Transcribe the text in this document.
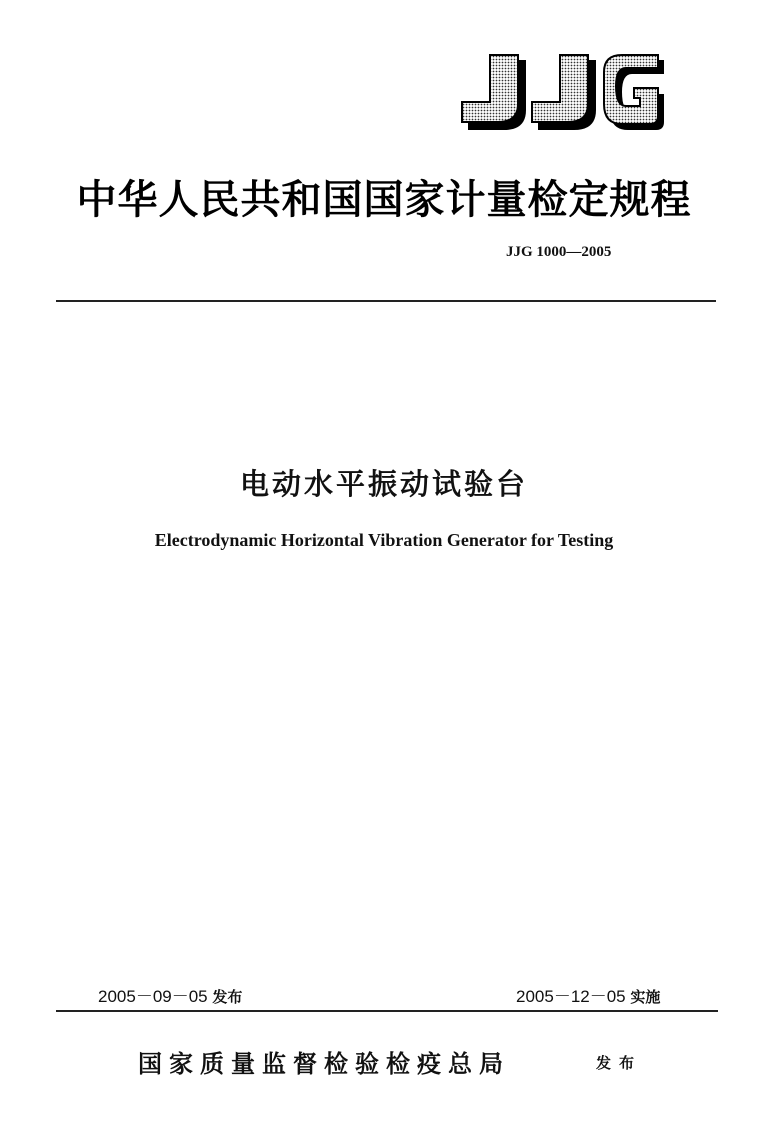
中华人民共和国国家计量检定规程
JJG 1000—2005
电动水平振动试验台
Electrodynamic Horizontal Vibration Generator for Testing
2005－09－05 发布	2005－12－05 实施
国家质量监督检验检疫总局	发布
